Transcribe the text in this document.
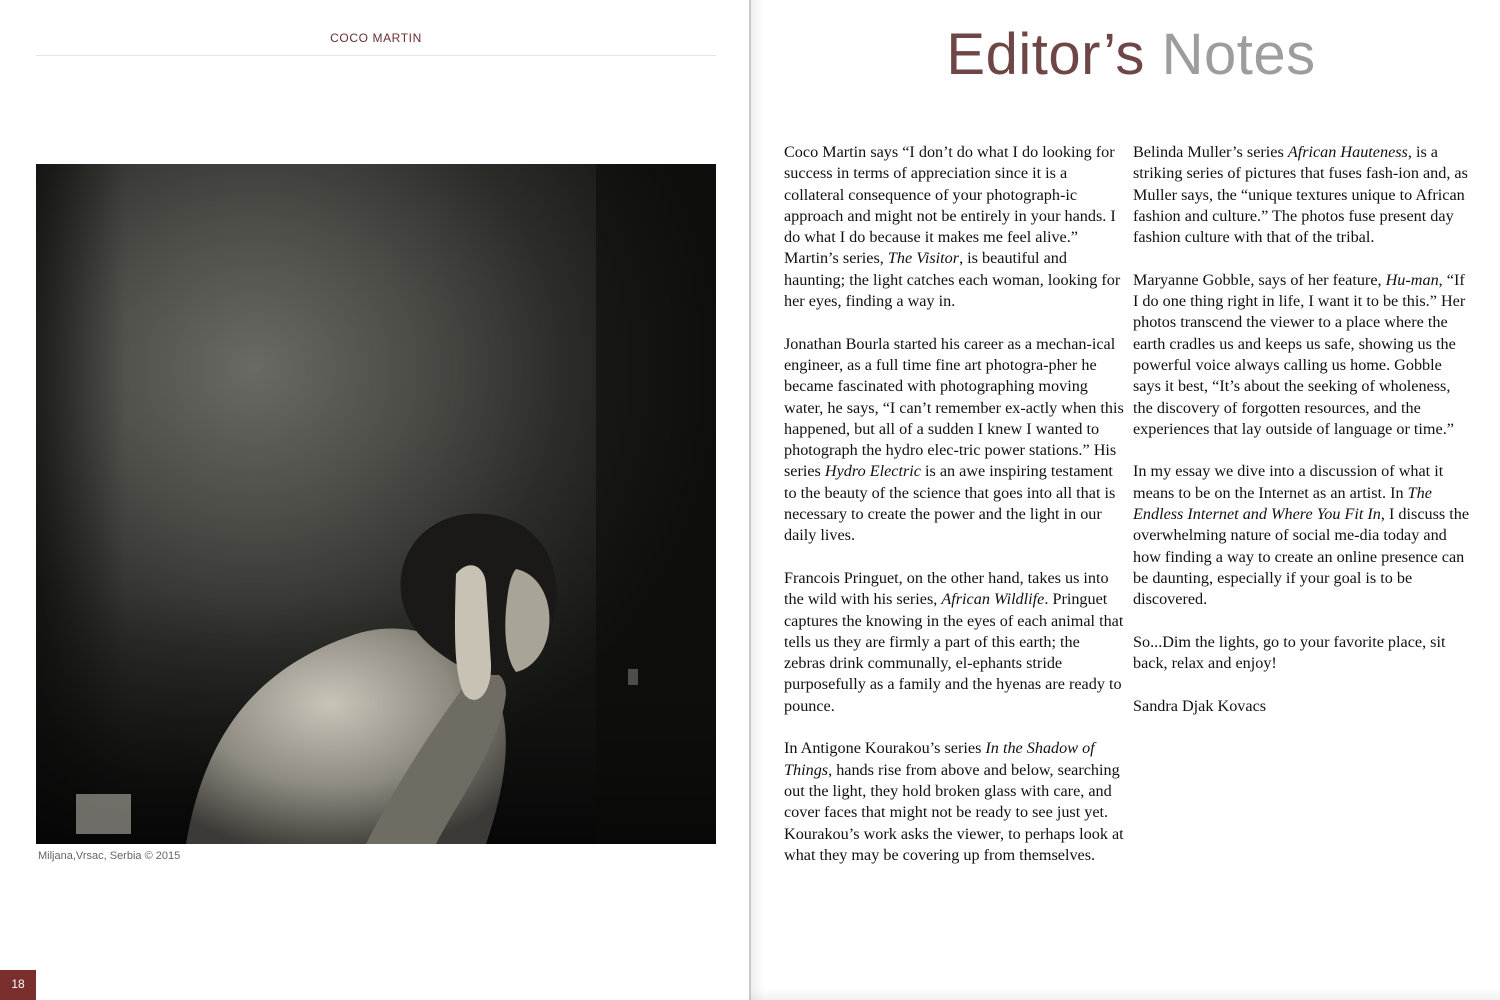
COCO MARTIN
Miljana,Vrsac, Serbia © 2015
18
Editor’s Notes

Coco Martin says “I don’t do what I do looking for success in terms of appreciation since it is a collateral consequence of your photograph-ic approach and might not be entirely in your hands. I do what I do because it makes me feel alive.” Martin’s series, The Visitor, is beautiful and haunting; the light catches each woman, looking for her eyes, finding a way in.

Jonathan Bourla started his career as a mechan-ical engineer, as a full time fine art photogra-pher he became fascinated with photographing moving water, he says, “I can’t remember ex-actly when this happened, but all of a sudden I knew I wanted to photograph the hydro elec-tric power stations.” His series Hydro Electric is an awe inspiring testament to the beauty of the science that goes into all that is necessary to create the power and the light in our daily lives.

Francois Pringuet, on the other hand, takes us into the wild with his series, African Wildlife. Pringuet captures the knowing in the eyes of each animal that tells us they are firmly a part of this earth; the zebras drink communally, el-ephants stride purposefully as a family and the hyenas are ready to pounce.

In Antigone Kourakou’s series In the Shadow of Things, hands rise from above and below, searching out the light, they hold broken glass with care, and cover faces that might not be ready to see just yet. Kourakou’s work asks the viewer, to perhaps look at what they may be covering up from themselves.

Belinda Muller’s series African Hauteness, is a striking series of pictures that fuses fash-ion and, as Muller says, the “unique textures unique to African fashion and culture.” The photos fuse present day fashion culture with that of the tribal.

Maryanne Gobble, says of her feature, Hu-man, “If I do one thing right in life, I want it to be this.” Her photos transcend the viewer to a place where the earth cradles us and keeps us safe, showing us the powerful voice always calling us home. Gobble says it best, “It’s about the seeking of wholeness, the discovery of forgotten resources, and the experiences that lay outside of language or time.”

In my essay we dive into a discussion of what it means to be on the Internet as an artist. In The Endless Internet and Where You Fit In, I discuss the overwhelming nature of social me-dia today and how finding a way to create an online presence can be daunting, especially if your goal is to be discovered.

So...Dim the lights, go to your favorite place, sit back, relax and enjoy!

Sandra Djak Kovacs
